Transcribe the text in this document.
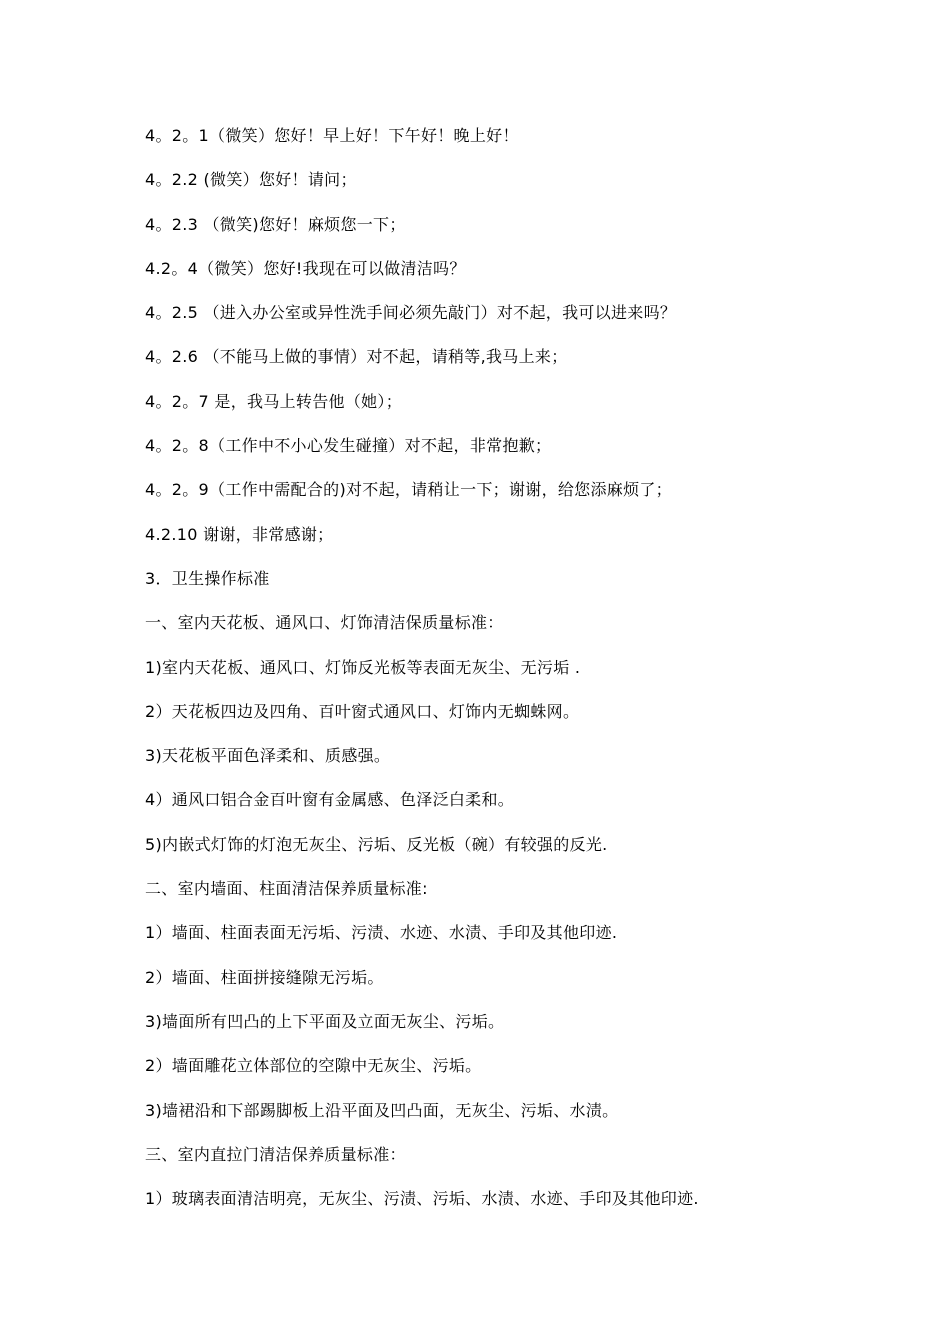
4。2。1（微笑）您好！早上好！下午好！晚上好！
4。2.2 (微笑）您好！请问；
4。2.3 （微笑)您好！麻烦您一下；
4.2。4（微笑）您好!我现在可以做清洁吗？
4。2.5 （进入办公室或异性洗手间必须先敲门）对不起，我可以进来吗？
4。2.6 （不能马上做的事情）对不起，请稍等,我马上来；
4。2。7 是，我马上转告他（她）；
4。2。8（工作中不小心发生碰撞）对不起，非常抱歉；
4。2。9（工作中需配合的)对不起，请稍让一下；谢谢，给您添麻烦了；
4.2.10 谢谢，非常感谢；
3．卫生操作标准
一、室内天花板、通风口、灯饰清洁保质量标准：
1)室内天花板、通风口、灯饰反光板等表面无灰尘、无污垢 .
2）天花板四边及四角、百叶窗式通风口、灯饰内无蜘蛛网。
3)天花板平面色泽柔和、质感强。
4）通风口铝合金百叶窗有金属感、色泽泛白柔和。
5)内嵌式灯饰的灯泡无灰尘、污垢、反光板（碗）有较强的反光.
二、室内墙面、柱面清洁保养质量标准:
1）墙面、柱面表面无污垢、污渍、水迹、水渍、手印及其他印迹.
2）墙面、柱面拼接缝隙无污垢。
3)墙面所有凹凸的上下平面及立面无灰尘、污垢。
2）墙面雕花立体部位的空隙中无灰尘、污垢。
3)墙裙沿和下部踢脚板上沿平面及凹凸面，无灰尘、污垢、水渍。
三、室内直拉门清洁保养质量标准：
1）玻璃表面清洁明亮，无灰尘、污渍、污垢、水渍、水迹、手印及其他印迹.
